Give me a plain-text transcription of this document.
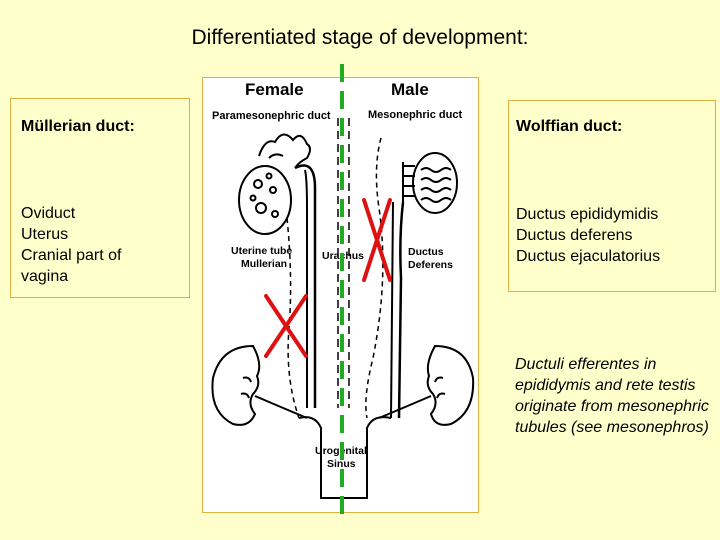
Differentiated stage of development:
Müllerian duct:
Oviduct
Uterus
Cranial part of
vagina
Wolffian duct:
Ductus epididymidis
Ductus deferens
Ductus ejaculatorius
Ductuli efferentes in epididymis and rete testis originate from mesonephric tubules (see mesonephros)
Female	Male
Paramesonephric duct	Mesonephric duct
Uterine tube
Mullerian
Urachus	Ductus
Deferens
Urogenital
Sinus
